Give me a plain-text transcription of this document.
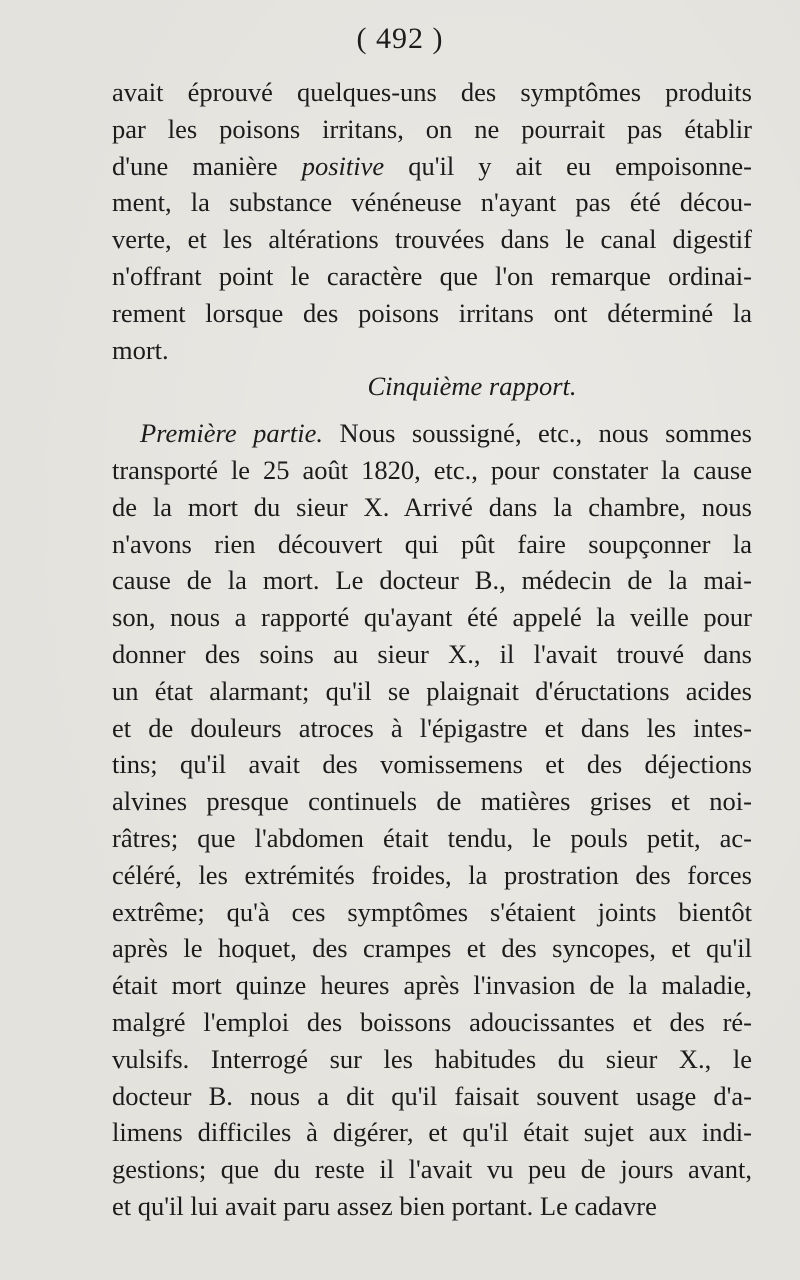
( 492 )
avait éprouvé quelques-uns des symptômes produits
par les poisons irritans, on ne pourrait pas établir
d'une manière positive qu'il y ait eu empoisonne-
ment, la substance vénéneuse n'ayant pas été décou-
verte, et les altérations trouvées dans le canal digestif
n'offrant point le caractère que l'on remarque ordinai-
rement lorsque des poisons irritans ont déterminé la
mort.
Cinquième rapport.
Première partie. Nous soussigné, etc., nous sommes
transporté le 25 août 1820, etc., pour constater la cause
de la mort du sieur X. Arrivé dans la chambre, nous
n'avons rien découvert qui pût faire soupçonner la
cause de la mort. Le docteur B., médecin de la mai-
son, nous a rapporté qu'ayant été appelé la veille pour
donner des soins au sieur X., il l'avait trouvé dans
un état alarmant; qu'il se plaignait d'éructations acides
et de douleurs atroces à l'épigastre et dans les intes-
tins; qu'il avait des vomissemens et des déjections
alvines presque continuels de matières grises et noi-
râtres; que l'abdomen était tendu, le pouls petit, ac-
céléré, les extrémités froides, la prostration des forces
extrême; qu'à ces symptômes s'étaient joints bientôt
après le hoquet, des crampes et des syncopes, et qu'il
était mort quinze heures après l'invasion de la maladie,
malgré l'emploi des boissons adoucissantes et des ré-
vulsifs. Interrogé sur les habitudes du sieur X., le
docteur B. nous a dit qu'il faisait souvent usage d'a-
limens difficiles à digérer, et qu'il était sujet aux indi-
gestions; que du reste il l'avait vu peu de jours avant,
et qu'il lui avait paru assez bien portant. Le cadavre
